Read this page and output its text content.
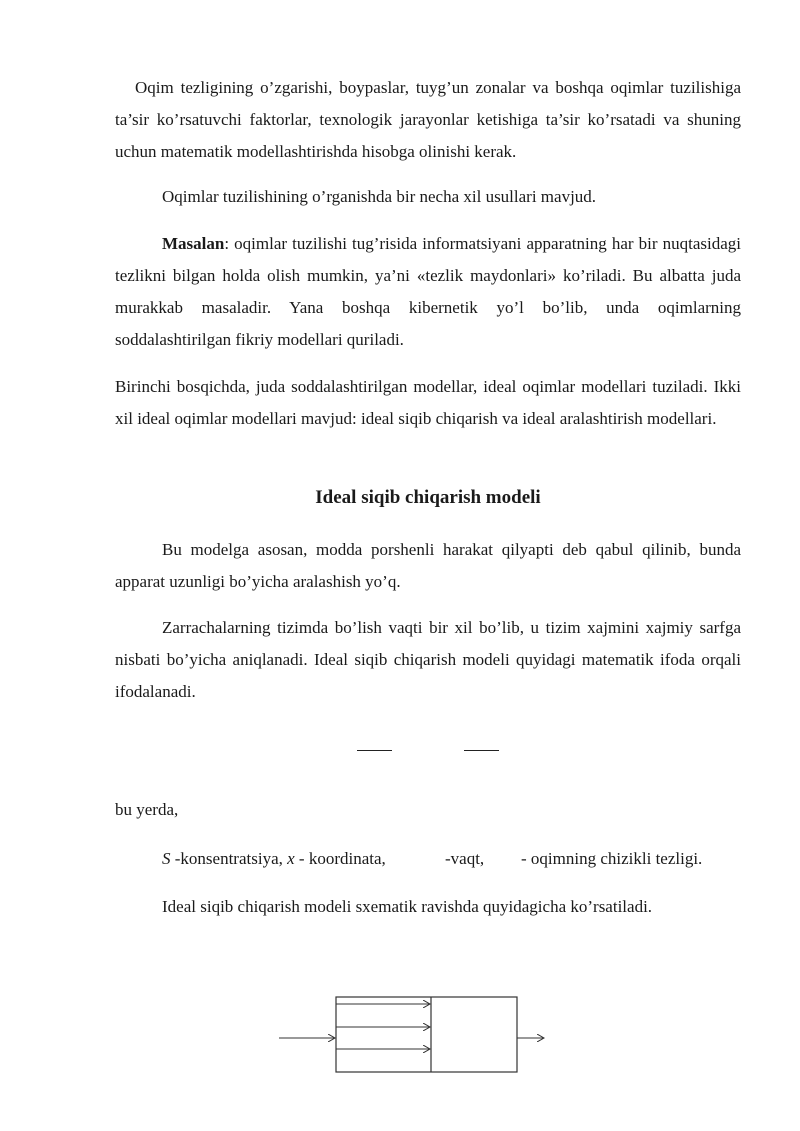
Oqim tezligining o’zgarishi, boypaslar, tuyg’un zonalar va boshqa oqimlar tuzilishiga ta’sir ko’rsatuvchi faktorlar, texnologik jarayonlar ketishiga ta’sir ko’rsatadi va shuning uchun matematik modellashtirishda hisobga olinishi kerak.

Oqimlar tuzilishining o’rganishda bir necha xil usullari mavjud.

Masalan: oqimlar tuzilishi tug’risida informatsiyani apparatning har bir nuqtasidagi tezlikni bilgan holda olish mumkin, ya’ni «tezlik maydonlari» ko’riladi. Bu albatta juda murakkab masaladir. Yana boshqa kibernetik yo’l bo’lib, unda oqimlarning soddalashtirilgan fikriy modellari quriladi.

Birinchi bosqichda, juda soddalashtirilgan modellar, ideal oqimlar modellari tuziladi. Ikki xil ideal oqimlar modellari mavjud: ideal siqib chiqarish va ideal aralashtirish modellari.

Ideal siqib chiqarish modeli

Bu modelga asosan, modda porshenli harakat qilyapti deb qabul qilinib, bunda apparat uzunligi bo’yicha aralashish yo’q.

Zarrachalarning tizimda bo’lish vaqti bir xil bo’lib, u tizim xajmini xajmiy sarfga nisbati bo’yicha aniqlanadi. Ideal siqib chiqarish modeli quyidagi matematik ifoda orqali ifodalanadi.

bu yerda,
S -konsentratsiya, x - koordinata,	-vaqt, - oqimning chizikli tezligi.
Ideal siqib chiqarish modeli sxematik ravishda quyidagicha ko’rsatiladi.
